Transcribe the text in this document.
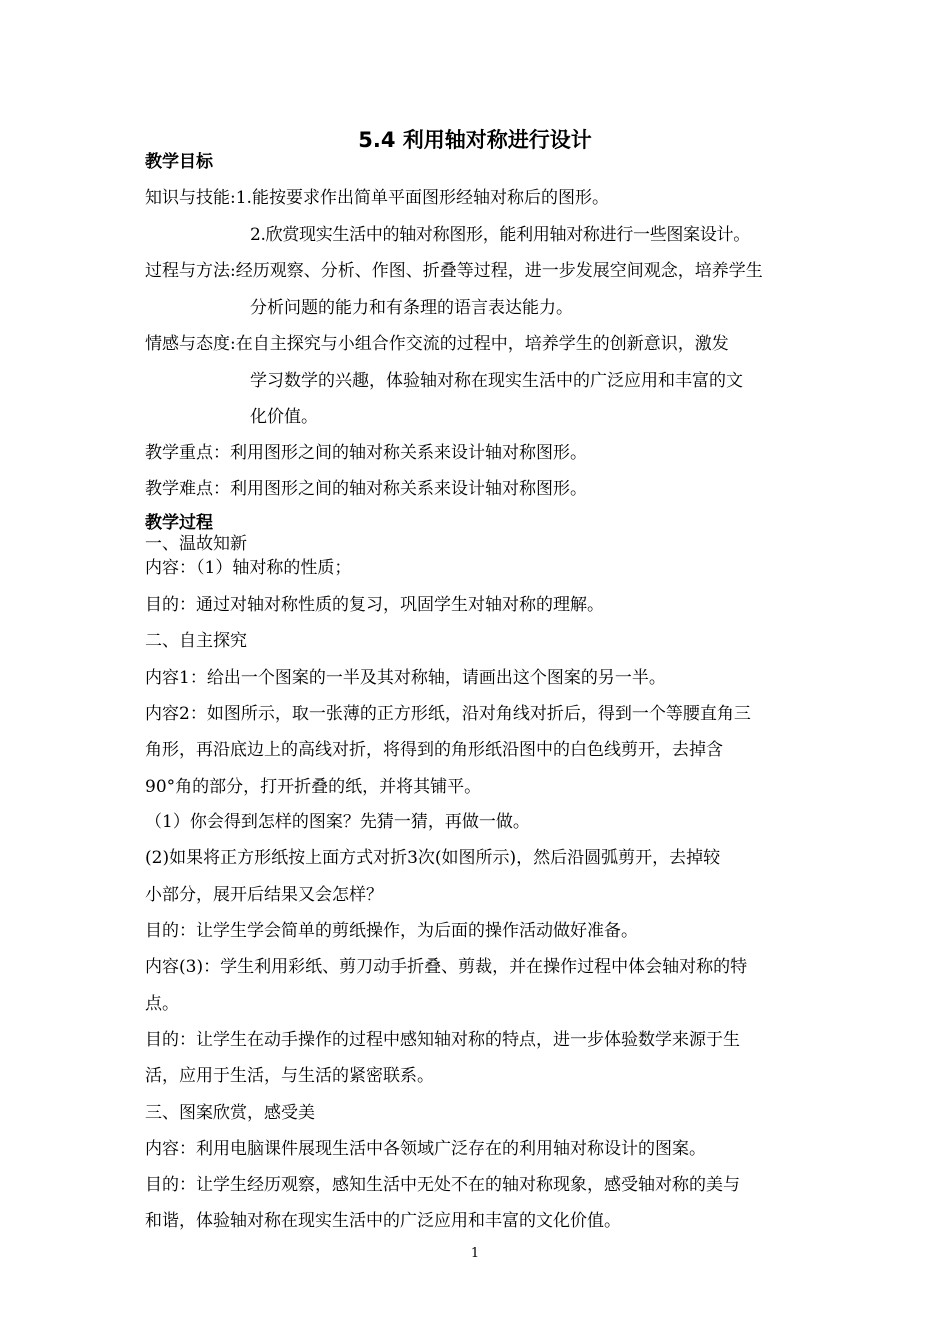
5.4 利用轴对称进行设计
教学目标
知识与技能:1.能按要求作出简单平面图形经轴对称后的图形。
2.欣赏现实生活中的轴对称图形，能利用轴对称进行一些图案设计。
过程与方法:经历观察、分析、作图、折叠等过程，进一步发展空间观念，培养学生
分析问题的能力和有条理的语言表达能力。
情感与态度:在自主探究与小组合作交流的过程中，培养学生的创新意识，激发
学习数学的兴趣，体验轴对称在现实生活中的广泛应用和丰富的文
化价值。
教学重点：利用图形之间的轴对称关系来设计轴对称图形。
教学难点：利用图形之间的轴对称关系来设计轴对称图形。
教学过程
一、温故知新
内容：（1）轴对称的性质；
目的：通过对轴对称性质的复习，巩固学生对轴对称的理解。
二、自主探究
内容1：给出一个图案的一半及其对称轴，请画出这个图案的另一半。
内容2：如图所示，取一张薄的正方形纸，沿对角线对折后，得到一个等腰直角三
角形，再沿底边上的高线对折，将得到的角形纸沿图中的白色线剪开，去掉含
90°角的部分，打开折叠的纸，并将其铺平。
（1）你会得到怎样的图案？先猜一猜，再做一做。
(2)如果将正方形纸按上面方式对折3次(如图所示)，然后沿圆弧剪开，去掉较
小部分，展开后结果又会怎样？
目的：让学生学会简单的剪纸操作，为后面的操作活动做好准备。
内容(3)：学生利用彩纸、剪刀动手折叠、剪裁，并在操作过程中体会轴对称的特
点。
目的：让学生在动手操作的过程中感知轴对称的特点，进一步体验数学来源于生
活，应用于生活，与生活的紧密联系。
三、图案欣赏，感受美
内容：利用电脑课件展现生活中各领域广泛存在的利用轴对称设计的图案。
目的：让学生经历观察，感知生活中无处不在的轴对称现象，感受轴对称的美与
和谐，体验轴对称在现实生活中的广泛应用和丰富的文化价值。
1
